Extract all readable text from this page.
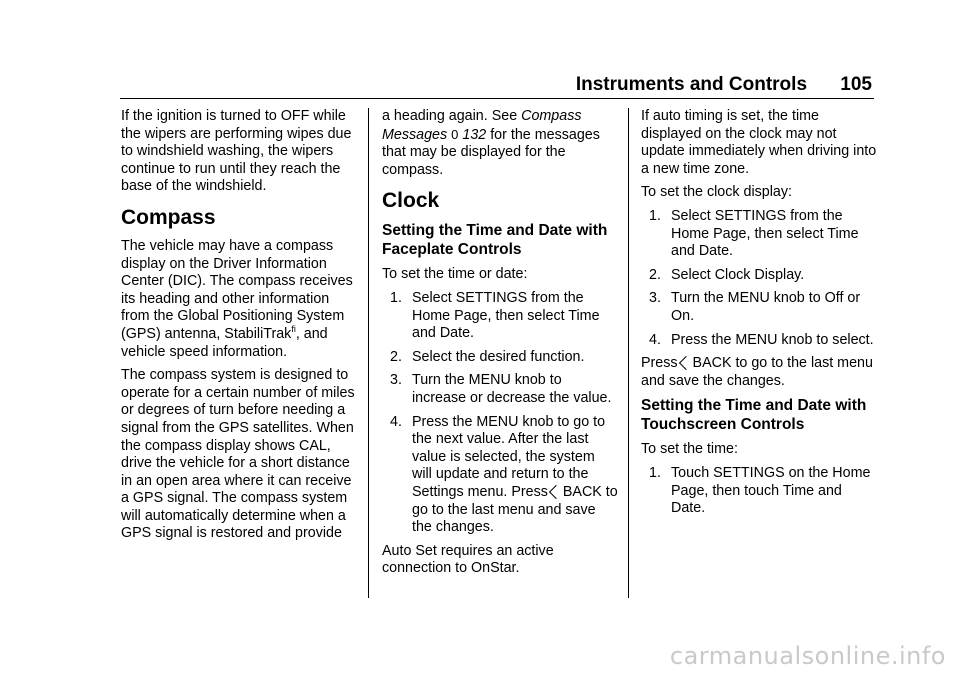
Instruments and Controls 105

If the ignition is turned to OFF while the wipers are performing wipes due to windshield washing, the wipers continue to run until they reach the base of the windshield.

Compass

The vehicle may have a compass display on the Driver Information Center (DIC). The compass receives its heading and other information from the Global Positioning System (GPS) antenna, StabiliTrak$^{fi}$, and vehicle speed information.

The compass system is designed to operate for a certain number of miles or degrees of turn before needing a signal from the GPS satellites. When the compass display shows CAL, drive the vehicle for a short distance in an open area where it can receive a GPS signal. The compass system will automatically determine when a GPS signal is restored and provide

a heading again. See Compass Messages 0 132 for the messages that may be displayed for the compass.

Clock
Setting the Time and Date with Faceplate Controls

To set the time or date:

1. Select SETTINGS from the Home Page, then select Time and Date.
2. Select the desired function.
3. Turn the MENU knob to increase or decrease the value.
4. Press the MENU knob to go to the next value. After the last value is selected, the system will update and return to the Settings menu. Press BACK to go to the last menu and save the changes.

Auto Set requires an active connection to OnStar.

If auto timing is set, the time displayed on the clock may not update immediately when driving into a new time zone.

To set the clock display:

1. Select SETTINGS from the Home Page, then select Time and Date.
2. Select Clock Display.
3. Turn the MENU knob to Off or On.
4. Press the MENU knob to select.

Press BACK to go to the last menu and save the changes.

Setting the Time and Date with Touchscreen Controls

To set the time:

1. Touch SETTINGS on the Home Page, then touch Time and Date.
carmanualsonline.info
